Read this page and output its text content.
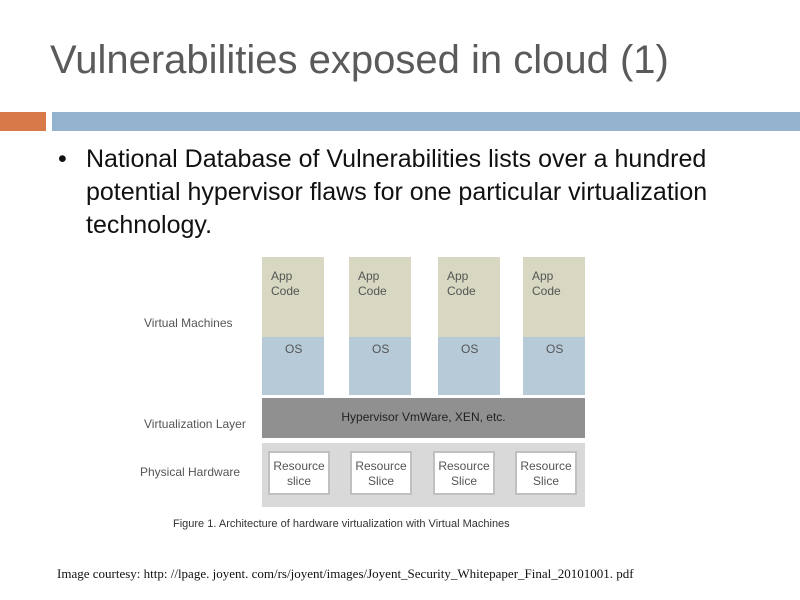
Vulnerabilities exposed in cloud (1)
• National Database of Vulnerabilities lists over a hundred potential hypervisor flaws for one particular virtualization technology.
Virtual Machines
Virtualization Layer
Physical Hardware
App
Code
App
Code
App
Code
App
Code
OS	OS	OS	OS
Hypervisor VmWare, XEN, etc.
Resource
slice
Resource
Slice
Resource
Slice
Resource
Slice
Figure 1. Architecture of hardware virtualization with Virtual Machines
Image courtesy: http: //lpage. joyent. com/rs/joyent/images/Joyent_Security_Whitepaper_Final_20101001. pdf
